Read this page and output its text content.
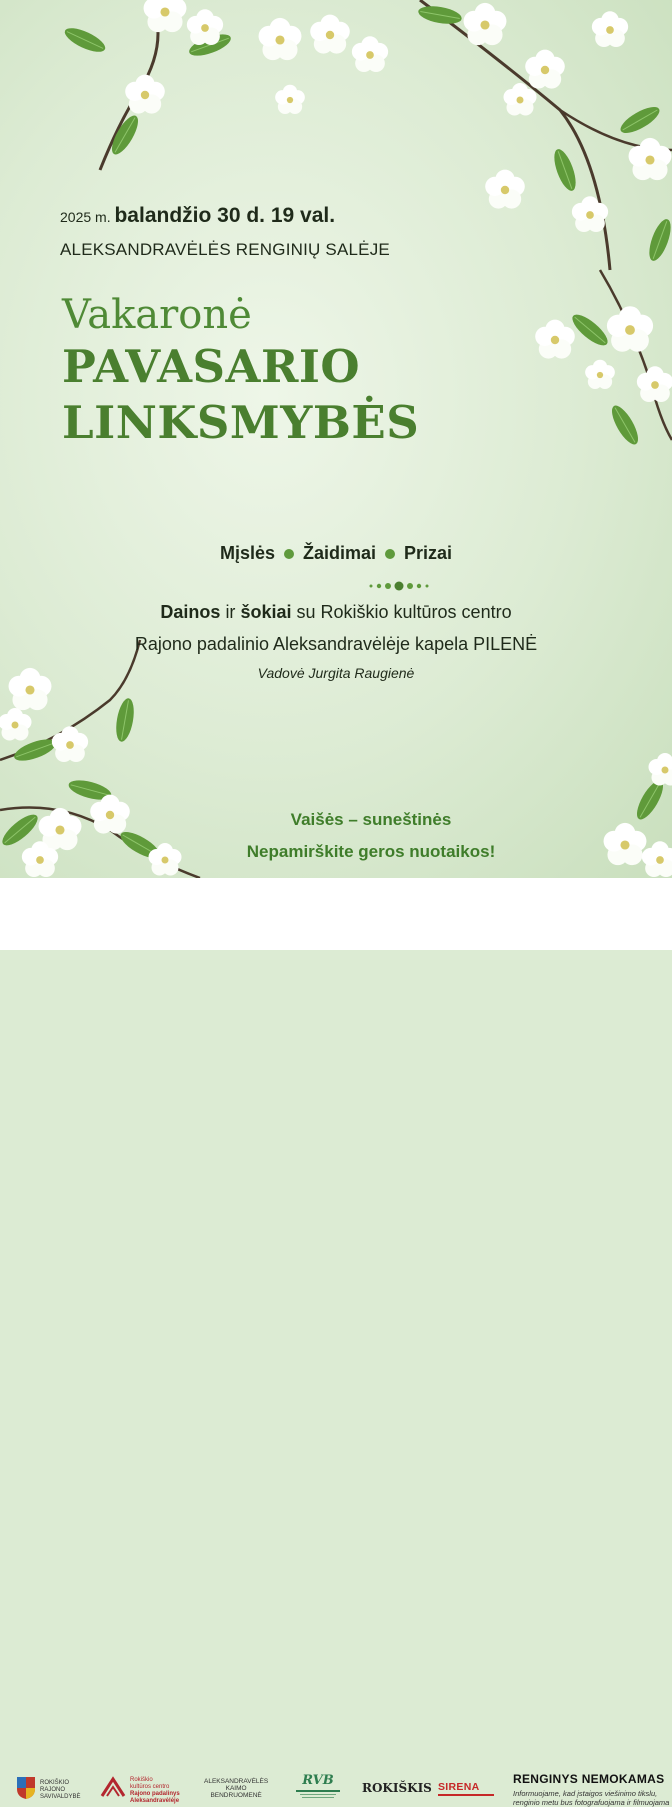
2025 m. balandžio 30 d. 19 val.
ALEKSANDRAVĖLĖS RENGINIŲ SALĖJE
Vakaronė
PAVASARIO
LINKSMYBĖS
Mįslės Žaidimai Prizai
Dainos ir šokiai su Rokiškio kultūros centro
Rajono padalinio Aleksandravėlėje kapela PILENĖ
Vadovė Jurgita Raugienė
Vaišės – suneštinės
Nepamirškite geros nuotaikos!
ROKIŠKIO
RAJONO
SAVIVALDYBĖ
Rokiškio
kultūros centro
Rajono padalinys
Aleksandravėlėje
ALEKSANDRAVĖLĖS
KAIMO
BENDRUOMENĖ
RVB	ROKIŠKIS SIRENA
RENGINYS NEMOKAMAS
Informuojame, kad įstaigos viešinimo tikslu, renginio metu bus fotografuojama ir filmuojama
